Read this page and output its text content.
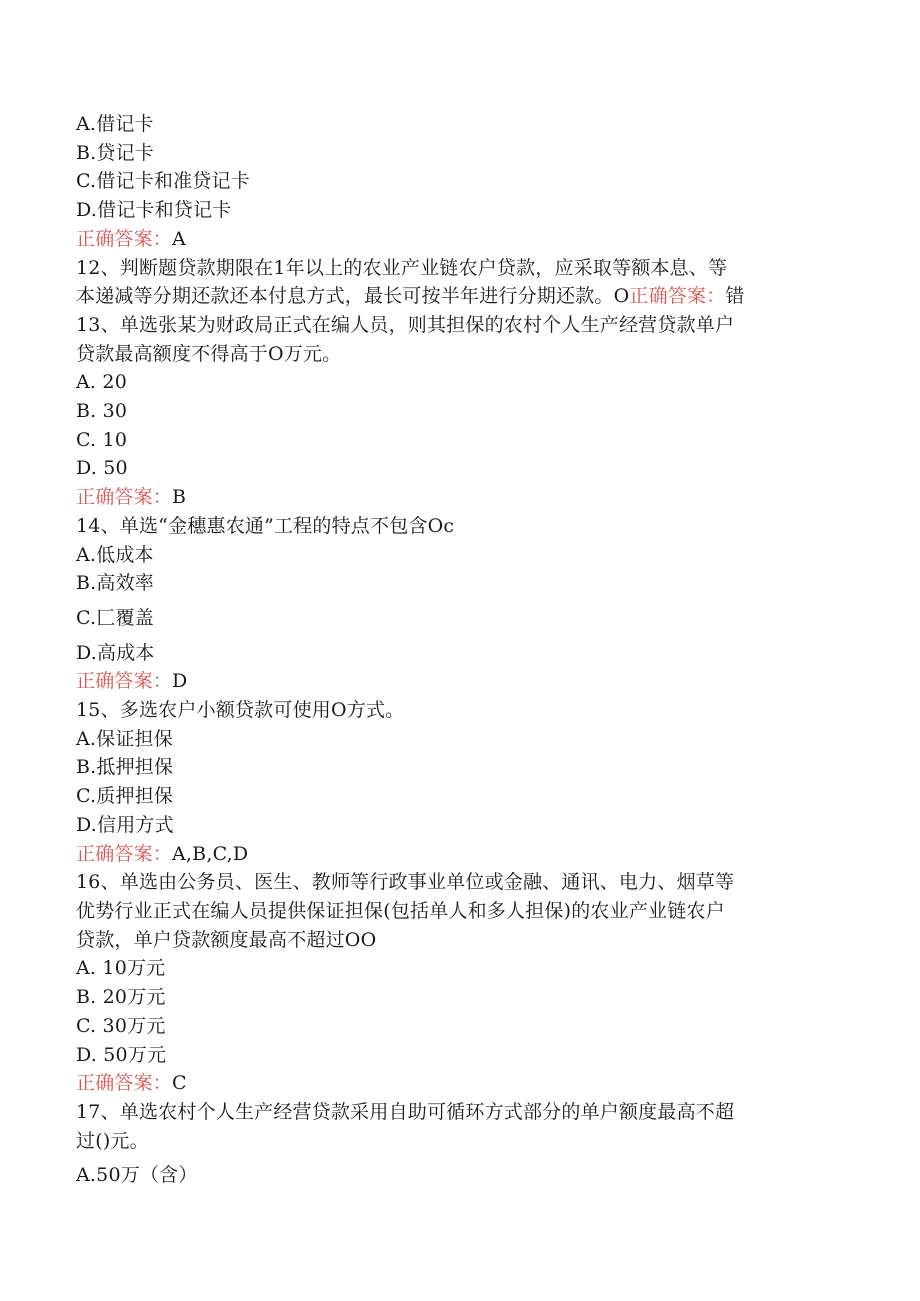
A.借记卡
B.贷记卡
C.借记卡和准贷记卡
D.借记卡和贷记卡
正确答案：A
12、判断题贷款期限在1年以上的农业产业链农户贷款，应采取等额本息、等
本递减等分期还款还本付息方式，最长可按半年进行分期还款。O正确答案：错
13、单选张某为财政局正式在编人员，则其担保的农村个人生产经营贷款单户
贷款最高额度不得高于O万元。
A. 20
B. 30
C. 10
D. 50
正确答案：B
14、单选“金穗惠农通”工程的特点不包含Oc
A.低成本
B.高效率
C.匚覆盖
D.高成本
正确答案：D
15、多选农户小额贷款可使用O方式。
A.保证担保
B.抵押担保
C.质押担保
D.信用方式
正确答案：A,B,C,D
16、单选由公务员、医生、教师等行政事业单位或金融、通讯、电力、烟草等
优势行业正式在编人员提供保证担保(包括单人和多人担保)的农业产业链农户
贷款，单户贷款额度最高不超过OO
A. 10万元
B. 20万元
C. 30万元
D. 50万元
正确答案：C
17、单选农村个人生产经营贷款采用自助可循环方式部分的单户额度最高不超
过()元。
A.50万（含）
